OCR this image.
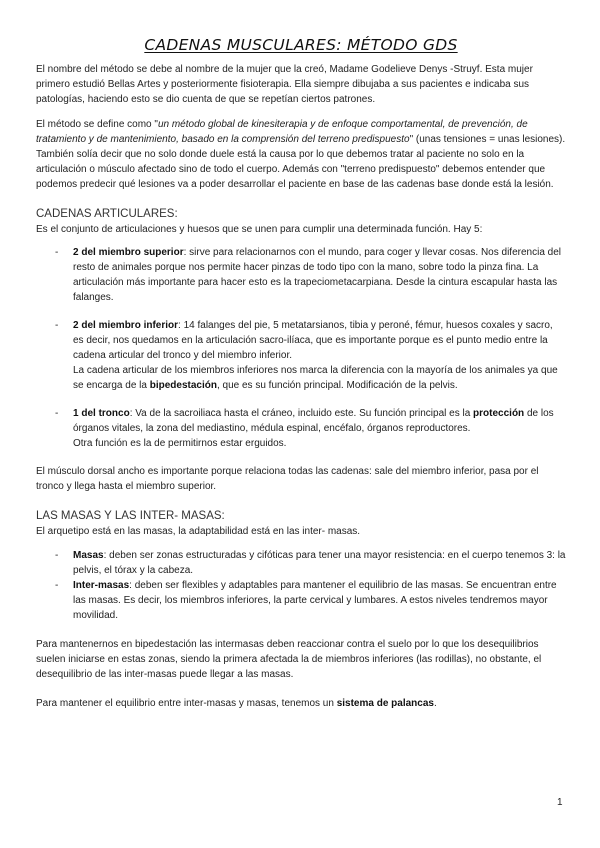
CADENAS MUSCULARES: MÉTODO GDS

El nombre del método se debe al nombre de la mujer que la creó, Madame Godelieve Denys -Struyf. Esta mujer primero estudió Bellas Artes y posteriormente fisioterapia. Ella siempre dibujaba a sus pacientes e indicaba sus patologías, haciendo esto se dio cuenta de que se repetían ciertos patrones.

El método se define como "un método global de kinesiterapia y de enfoque comportamental, de prevención, de tratamiento y de mantenimiento, basado en la comprensión del terreno predispuesto" (unas tensiones = unas lesiones).

También solía decir que no solo donde duele está la causa por lo que debemos tratar al paciente no solo en la articulación o músculo afectado sino de todo el cuerpo. Además con "terreno predispuesto" debemos entender que podemos predecir qué lesiones va a poder desarrollar el paciente en base de las cadenas base donde está la lesión.

CADENAS ARTICULARES:

Es el conjunto de articulaciones y huesos que se unen para cumplir una determinada función. Hay 5:

- 2 del miembro superior: sirve para relacionarnos con el mundo, para coger y llevar cosas. Nos diferencia del resto de animales porque nos permite hacer pinzas de todo tipo con la mano, sobre todo la pinza fina. La articulación más importante para hacer esto es la trapeciometacarpiana. Desde la cintura escapular hasta las falanges.
- 2 del miembro inferior: 14 falanges del pie, 5 metatarsianos, tibia y peroné, fémur, huesos coxales y sacro, es decir, nos quedamos en la articulación sacro-ilíaca, que es importante porque es el punto medio entre la cadena articular del tronco y del miembro inferior.
La cadena articular de los miembros inferiores nos marca la diferencia con la mayoría de los animales ya que se encarga de la bipedestación, que es su función principal. Modificación de la pelvis.
- 1 del tronco: Va de la sacroiliaca hasta el cráneo, incluido este. Su función principal es la protección de los órganos vitales, la zona del mediastino, médula espinal, encéfalo, órganos reproductores.
Otra función es la de permitirnos estar erguidos.

El músculo dorsal ancho es importante porque relaciona todas las cadenas: sale del miembro inferior, pasa por el tronco y llega hasta el miembro superior.

LAS MASAS Y LAS INTER- MASAS:

El arquetipo está en las masas, la adaptabilidad está en las inter- masas.

- Masas: deben ser zonas estructuradas y cifóticas para tener una mayor resistencia: en el cuerpo tenemos 3: la pelvis, el tórax y la cabeza.
- Inter-masas: deben ser flexibles y adaptables para mantener el equilibrio de las masas. Se encuentran entre las masas. Es decir, los miembros inferiores, la parte cervical y lumbares. A estos niveles tendremos mayor movilidad.

Para mantenernos en bipedestación las intermasas deben reaccionar contra el suelo por lo que los desequilibrios suelen iniciarse en estas zonas, siendo la primera afectada la de miembros inferiores (las rodillas), no obstante, el desequilibrio de las inter-masas puede llegar a las masas.

Para mantener el equilibrio entre inter-masas y masas, tenemos un sistema de palancas.

1
